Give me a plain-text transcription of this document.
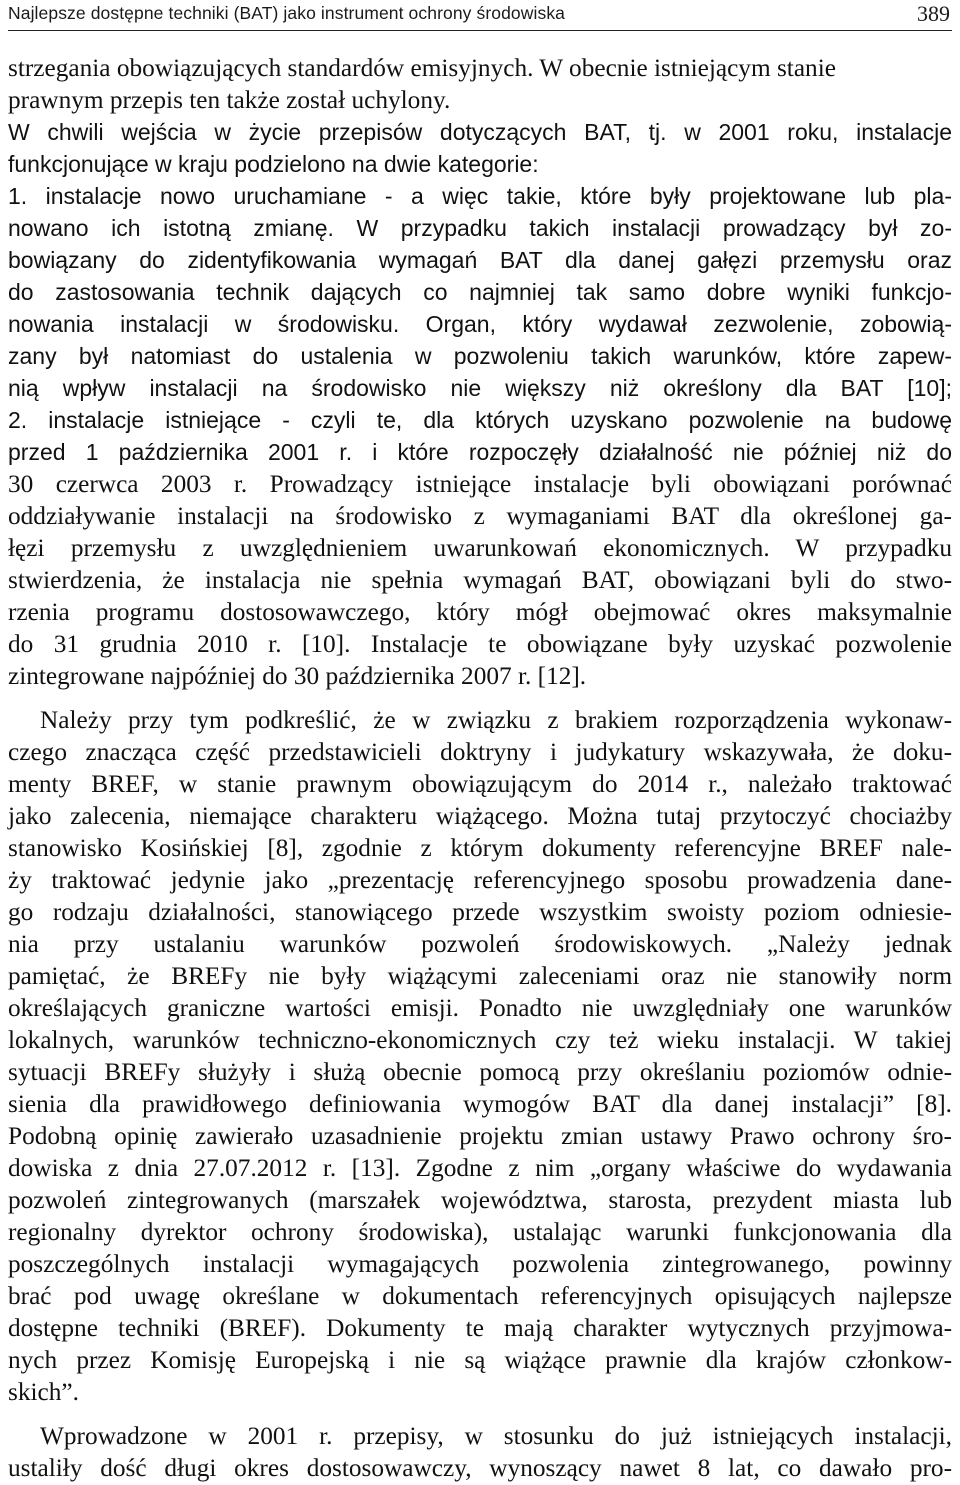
Najlepsze dostępne techniki (BAT) jako instrument ochrony środowiska	389
strzegania obowiązujących standardów emisyjnych. W obecnie istniejącym stanie
prawnym przepis ten także został uchylony.
W chwili wejścia w życie przepisów dotyczących BAT, tj. w 2001 roku, instalacje
funkcjonujące w kraju podzielono na dwie kategorie:
1. instalacje nowo uruchamiane - a więc takie, które były projektowane lub pla-
nowano ich istotną zmianę. W przypadku takich instalacji prowadzący był zo-
bowiązany do zidentyfikowania wymagań BAT dla danej gałęzi przemysłu oraz
do zastosowania technik dających co najmniej tak samo dobre wyniki funkcjo-
nowania instalacji w środowisku. Organ, który wydawał zezwolenie, zobowią-
zany był natomiast do ustalenia w pozwoleniu takich warunków, które zapew-
nią wpływ instalacji na środowisko nie większy niż określony dla BAT [10];
2. instalacje istniejące - czyli te, dla których uzyskano pozwolenie na budowę
przed 1 października 2001 r. i które rozpoczęły działalność nie później niż do
30 czerwca 2003 r. Prowadzący istniejące instalacje byli obowiązani porównać
oddziaływanie instalacji na środowisko z wymaganiami BAT dla określonej ga-
łęzi przemysłu z uwzględnieniem uwarunkowań ekonomicznych. W przypadku
stwierdzenia, że instalacja nie spełnia wymagań BAT, obowiązani byli do stwo-
rzenia programu dostosowawczego, który mógł obejmować okres maksymalnie
do 31 grudnia 2010 r. [10]. Instalacje te obowiązane były uzyskać pozwolenie
zintegrowane najpóźniej do 30 października 2007 r. [12].
Należy przy tym podkreślić, że w związku z brakiem rozporządzenia wykonaw-
czego znacząca część przedstawicieli doktryny i judykatury wskazywała, że doku-
menty BREF, w stanie prawnym obowiązującym do 2014 r., należało traktować
jako zalecenia, niemające charakteru wiążącego. Można tutaj przytoczyć chociażby
stanowisko Kosińskiej [8], zgodnie z którym dokumenty referencyjne BREF nale-
ży traktować jedynie jako „prezentację referencyjnego sposobu prowadzenia dane-
go rodzaju działalności, stanowiącego przede wszystkim swoisty poziom odniesie-
nia przy ustalaniu warunków pozwoleń środowiskowych. „Należy jednak
pamiętać, że BREFy nie były wiążącymi zaleceniami oraz nie stanowiły norm
określających graniczne wartości emisji. Ponadto nie uwzględniały one warunków
lokalnych, warunków techniczno-ekonomicznych czy też wieku instalacji. W takiej
sytuacji BREFy służyły i służą obecnie pomocą przy określaniu poziomów odnie-
sienia dla prawidłowego definiowania wymogów BAT dla danej instalacji” [8].
Podobną opinię zawierało uzasadnienie projektu zmian ustawy Prawo ochrony śro-
dowiska z dnia 27.07.2012 r. [13]. Zgodne z nim „organy właściwe do wydawania
pozwoleń zintegrowanych (marszałek województwa, starosta, prezydent miasta lub
regionalny dyrektor ochrony środowiska), ustalając warunki funkcjonowania dla
poszczególnych instalacji wymagających pozwolenia zintegrowanego, powinny
brać pod uwagę określane w dokumentach referencyjnych opisujących najlepsze
dostępne techniki (BREF). Dokumenty te mają charakter wytycznych przyjmowa-
nych przez Komisję Europejską i nie są wiążące prawnie dla krajów członkow-
skich”.
Wprowadzone w 2001 r. przepisy, w stosunku do już istniejących instalacji,
ustaliły dość długi okres dostosowawczy, wynoszący nawet 8 lat, co dawało pro-
